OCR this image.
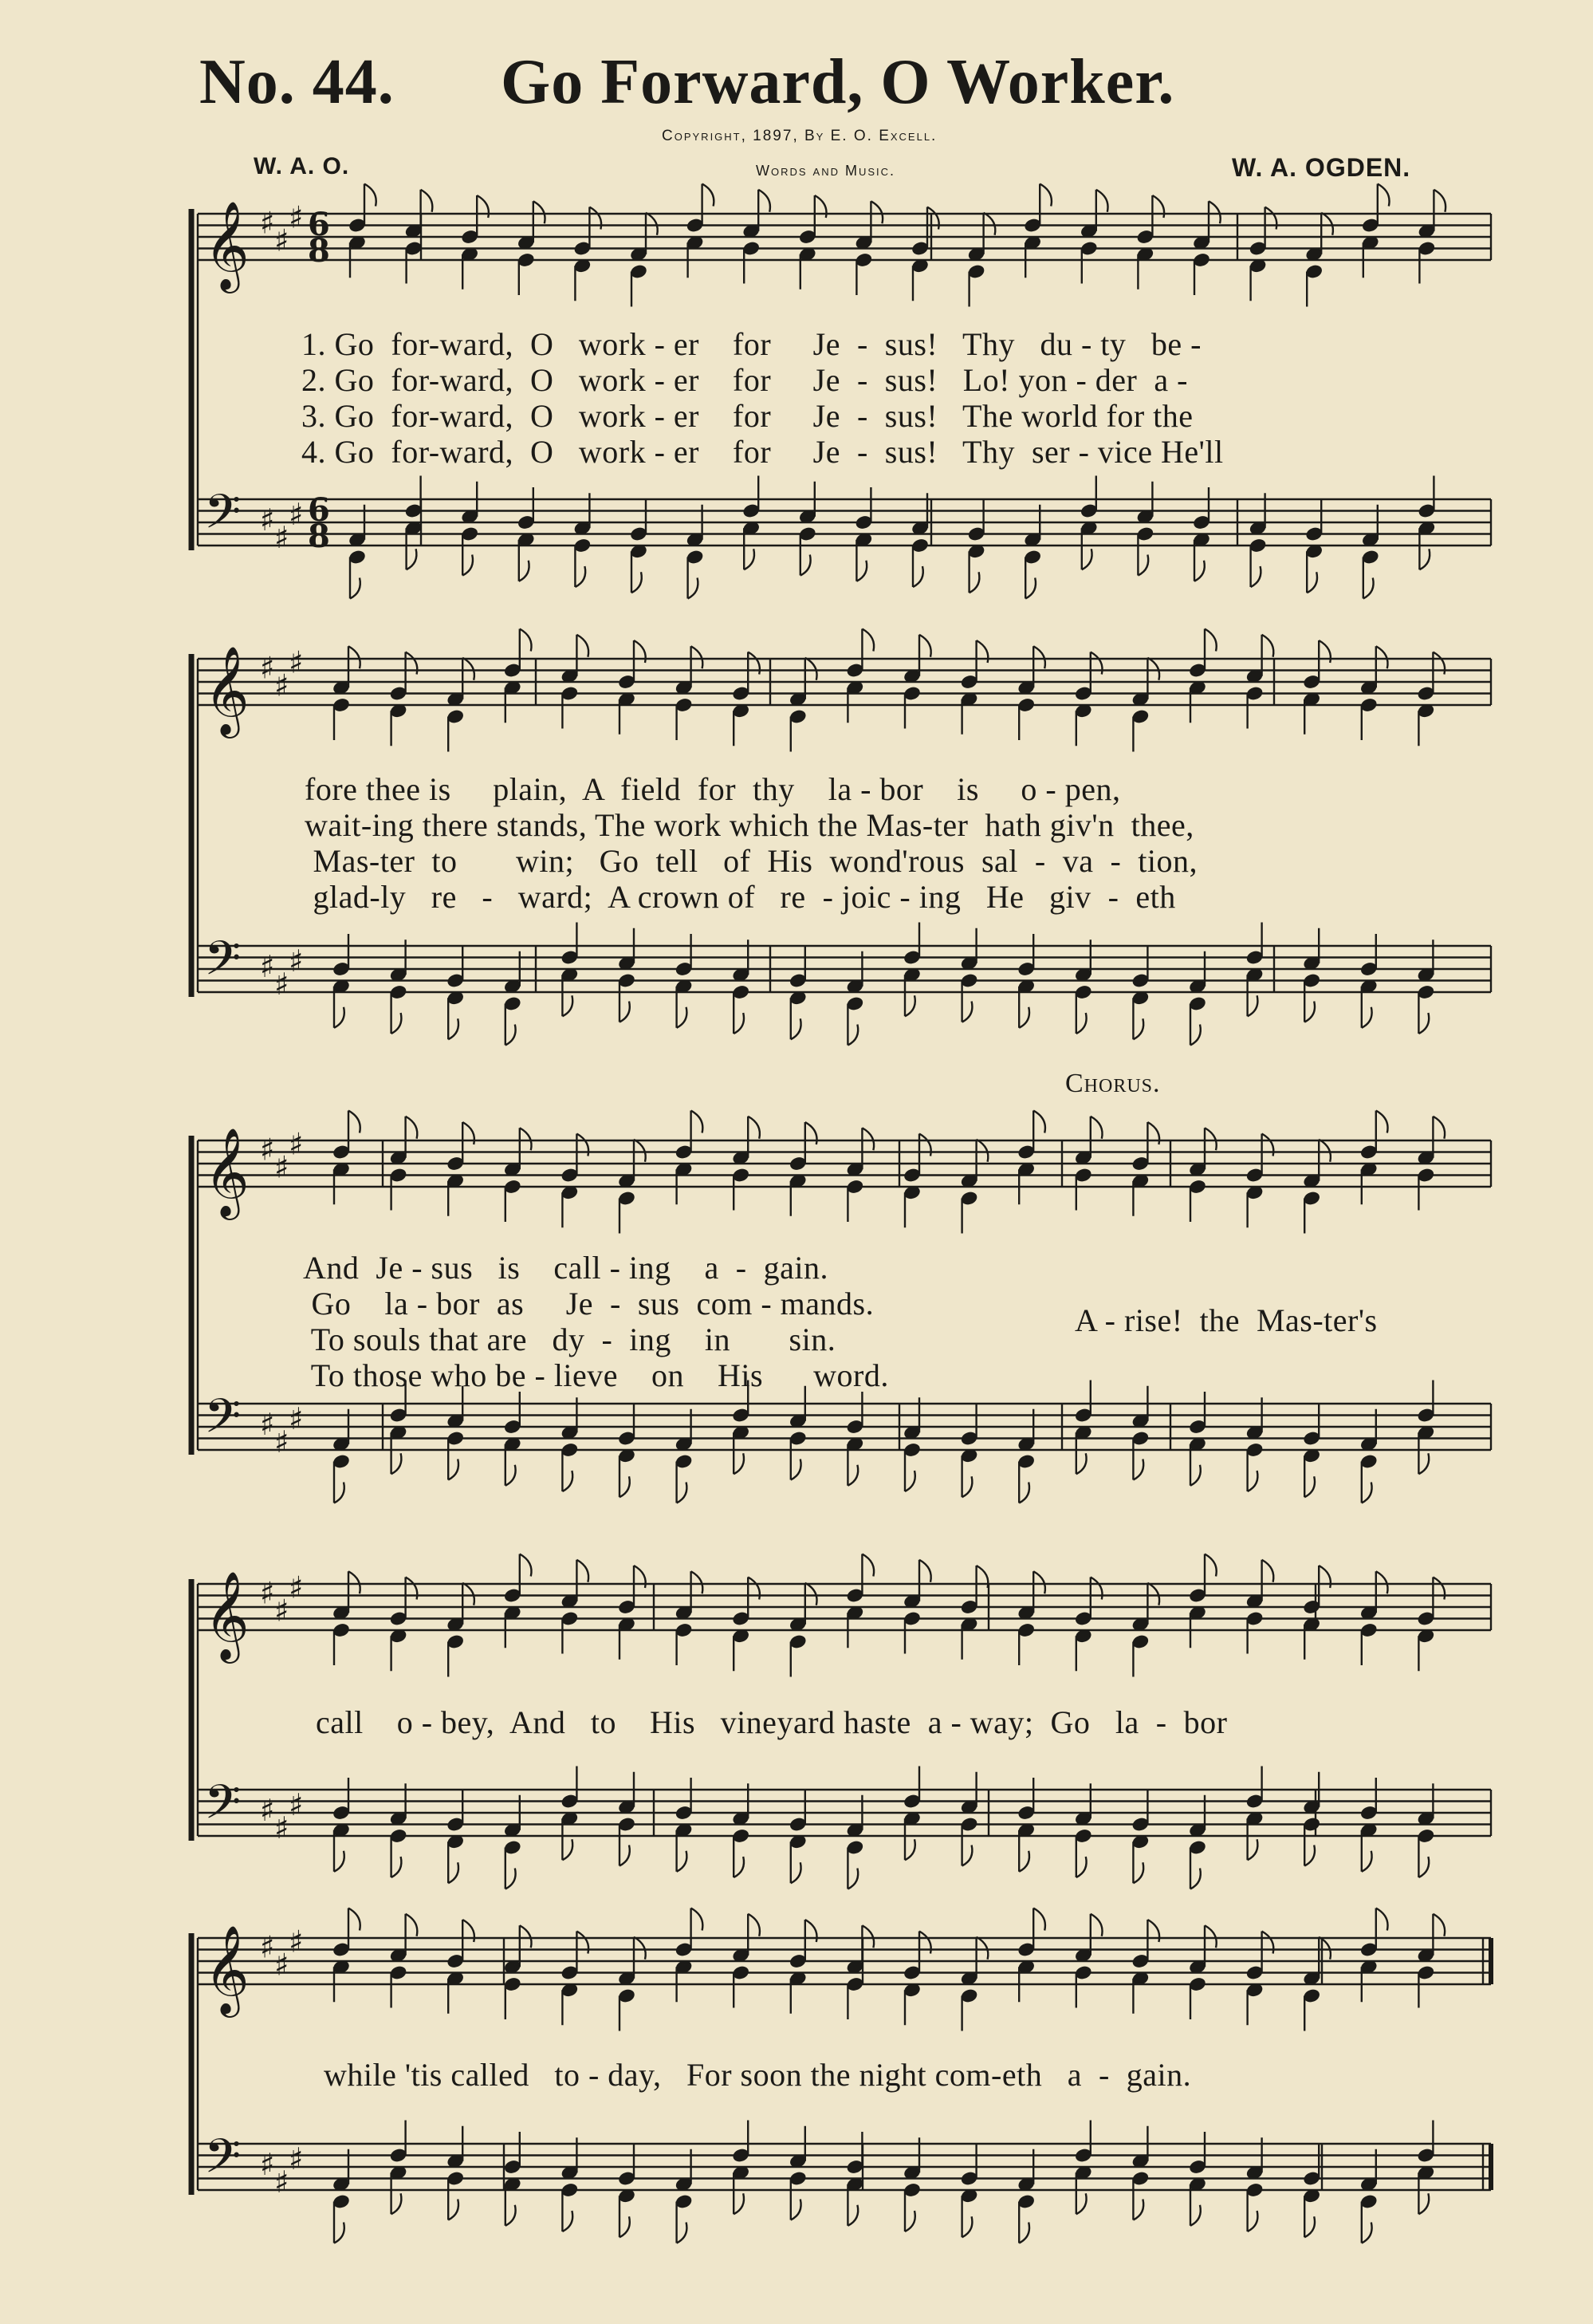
No. 44. Go Forward, O Worker.
Copyright, 1897, By E. O. Excell.
Words and Music.
W. A. O.	W. A. OGDEN.
Chorus.
𝄞 ♯ ♯
♯ 6
8
𝄢 ♯ ♯
♯ 6
8
𝄞 ♯ ♯
♯
𝄢 ♯ ♯
♯
𝄞 ♯ ♯
♯
𝄢 ♯ ♯
♯
𝄞 ♯ ♯
♯
𝄢 ♯ ♯
♯
𝄞 ♯ ♯
♯
𝄢 ♯ ♯
♯
1. Go  for-ward,  O   work - er    for     Je  -  sus!   Thy   du - ty   be -
2. Go  for-ward,  O   work - er    for     Je  -  sus!   Lo! yon - der  a -
3. Go  for-ward,  O   work - er    for     Je  -  sus!   The world for the
4. Go  for-ward,  O   work - er    for     Je  -  sus!   Thy  ser - vice He'll
fore thee is     plain,  A  field  for  thy    la - bor    is     o - pen,
wait-ing there stands, The work which the Mas-ter  hath giv'n  thee,
Mas-ter  to       win;   Go  tell   of  His  wond'rous  sal  -  va  -  tion,
glad-ly   re   -   ward;  A crown of   re  - joic - ing   He   giv  -  eth
And  Je - sus   is    call - ing    a  -  gain.
Go    la - bor  as     Je  -  sus  com - mands.
To souls that are   dy  -  ing    in       sin.
To those who be - lieve    on    His      word.
A - rise!  the  Mas-ter's
call    o - bey,  And   to    His   vineyard haste  a - way;  Go   la  -  bor
while 'tis called   to - day,   For soon the night com-eth   a  -  gain.
